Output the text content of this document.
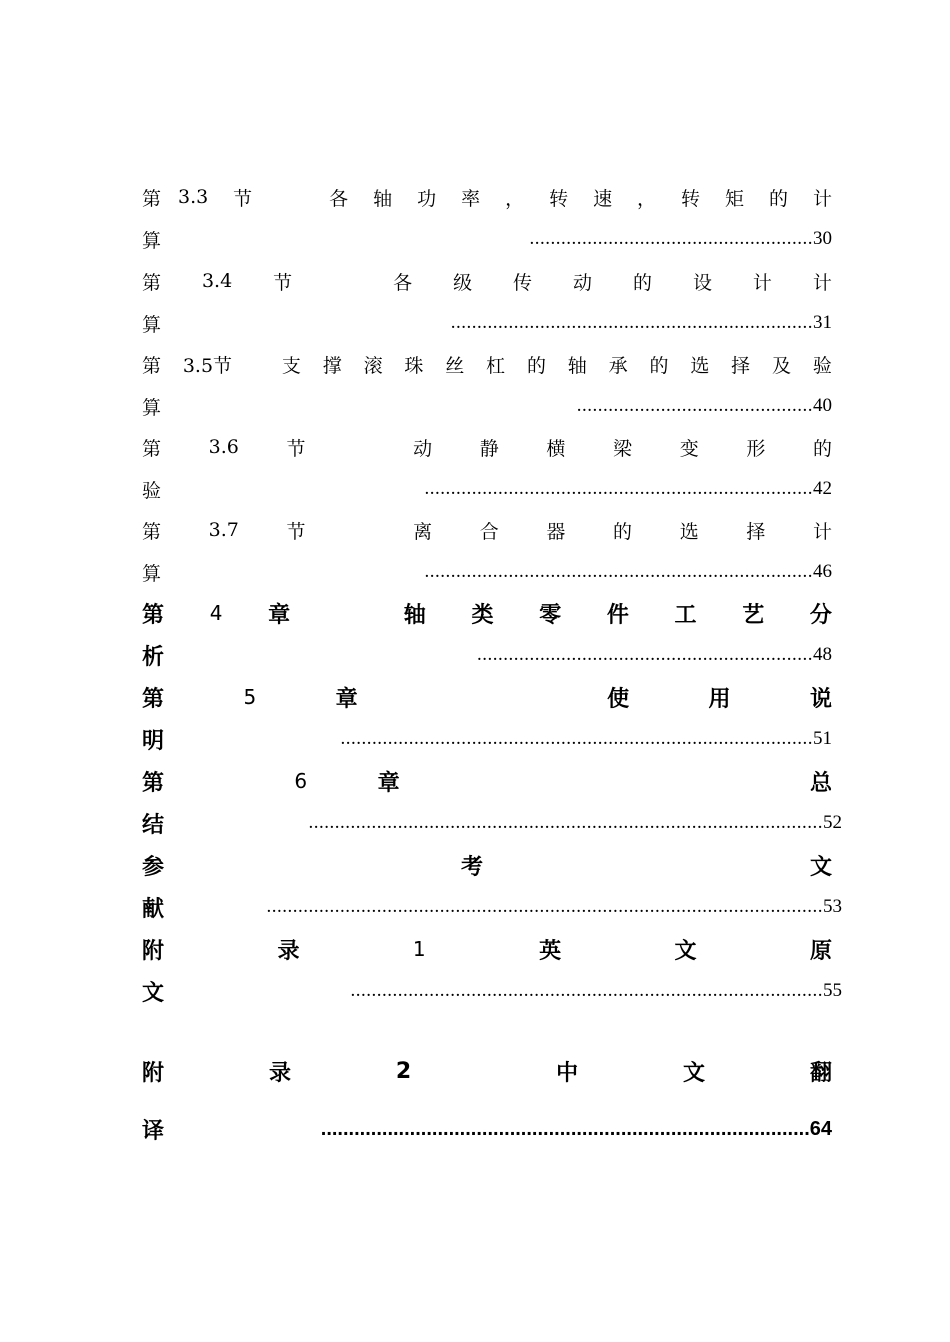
第 3.3 节	各 轴 功 率 ， 转 速 ， 转 矩 的 计
算	......................................................30
第 3.4 节	各 级 传 动 的 设 计 计
算	.....................................................................31
第 3.5节	支 撑 滚 珠 丝 杠 的 轴 承 的 选 择 及 验
算	.............................................40
第	3.6	节	动	静	横	梁	变	形	的
验	..........................................................................42
第	3.7	节	离	合	器	的	选	择	计
算	..........................................................................46
第 4 章	轴 类 零 件 工 艺 分
析	................................................................48
第	5	章	使	用	说
明	..........................................................................................51
第	6	章	总
结	..................................................................................................52
参	考	文
献	..........................................................................................................53
附	录	1	英	文	原
文	..........................................................................................55
附	录	2	中	文	翻
译	........................................................................................64
